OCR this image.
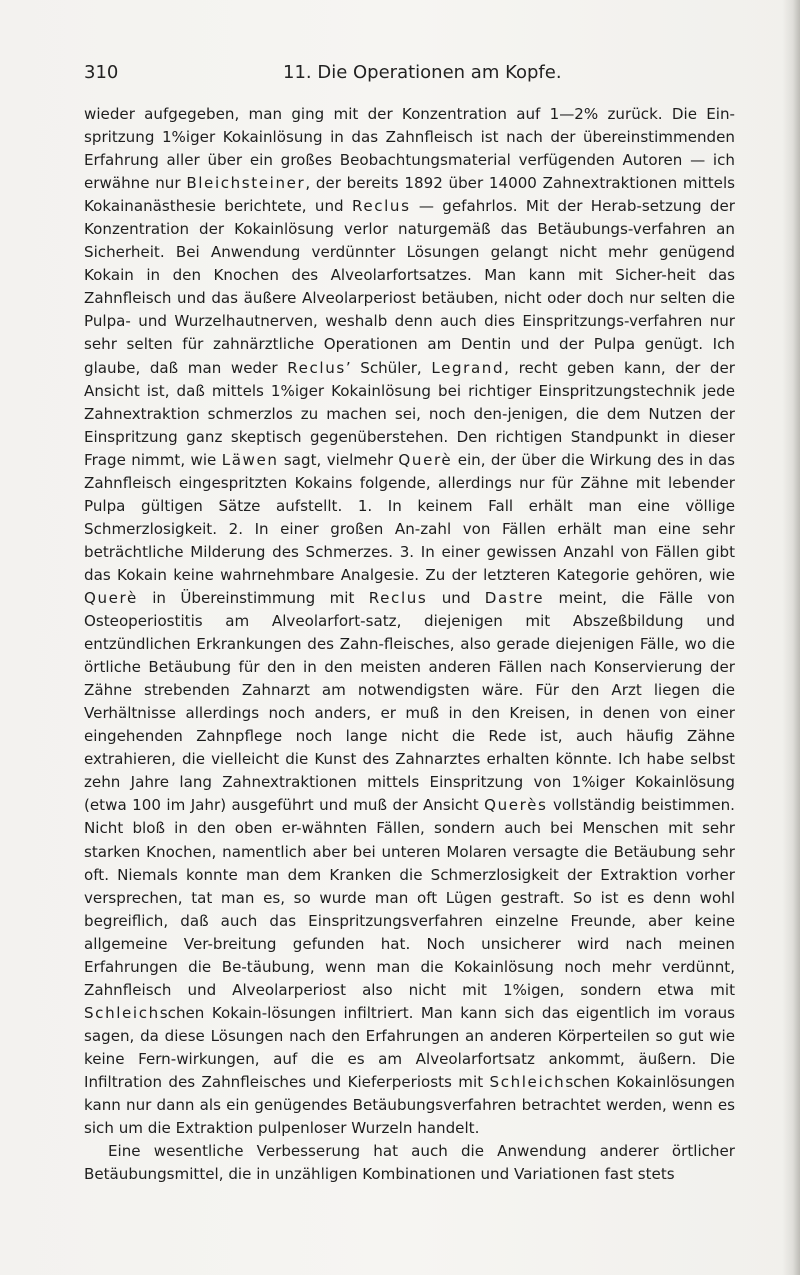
310	11. Die Operationen am Kopfe.

wieder aufgegeben, man ging mit der Konzentration auf 1—2% zurück. Die Ein-spritzung 1%iger Kokainlösung in das Zahnfleisch ist nach der übereinstimmenden Erfahrung aller über ein großes Beobachtungsmaterial verfügenden Autoren — ich erwähne nur Bleichsteiner, der bereits 1892 über 14000 Zahnextraktionen mittels Kokainanästhesie berichtete, und Reclus — gefahrlos. Mit der Herab-setzung der Konzentration der Kokainlösung verlor naturgemäß das Betäubungs-verfahren an Sicherheit. Bei Anwendung verdünnter Lösungen gelangt nicht mehr genügend Kokain in den Knochen des Alveolarfortsatzes. Man kann mit Sicher-heit das Zahnfleisch und das äußere Alveolarperiost betäuben, nicht oder doch nur selten die Pulpa- und Wurzelhautnerven, weshalb denn auch dies Einspritzungs-verfahren nur sehr selten für zahnärztliche Operationen am Dentin und der Pulpa genügt. Ich glaube, daß man weder Reclus’ Schüler, Legrand, recht geben kann, der der Ansicht ist, daß mittels 1%iger Kokainlösung bei richtiger Einspritzungstechnik jede Zahnextraktion schmerzlos zu machen sei, noch den-jenigen, die dem Nutzen der Einspritzung ganz skeptisch gegenüberstehen. Den richtigen Standpunkt in dieser Frage nimmt, wie Läwen sagt, vielmehr Querè ein, der über die Wirkung des in das Zahnfleisch eingespritzten Kokains folgende, allerdings nur für Zähne mit lebender Pulpa gültigen Sätze aufstellt. 1. In keinem Fall erhält man eine völlige Schmerzlosigkeit. 2. In einer großen An-zahl von Fällen erhält man eine sehr beträchtliche Milderung des Schmerzes. 3. In einer gewissen Anzahl von Fällen gibt das Kokain keine wahrnehmbare Analgesie. Zu der letzteren Kategorie gehören, wie Querè in Übereinstimmung mit Reclus und Dastre meint, die Fälle von Osteoperiostitis am Alveolarfort-satz, diejenigen mit Abszeßbildung und entzündlichen Erkrankungen des Zahn-fleisches, also gerade diejenigen Fälle, wo die örtliche Betäubung für den in den meisten anderen Fällen nach Konservierung der Zähne strebenden Zahnarzt am notwendigsten wäre. Für den Arzt liegen die Verhältnisse allerdings noch anders, er muß in den Kreisen, in denen von einer eingehenden Zahnpflege noch lange nicht die Rede ist, auch häufig Zähne extrahieren, die vielleicht die Kunst des Zahnarztes erhalten könnte. Ich habe selbst zehn Jahre lang Zahnextraktionen mittels Einspritzung von 1%iger Kokainlösung (etwa 100 im Jahr) ausgeführt und muß der Ansicht Querès vollständig beistimmen. Nicht bloß in den oben er-wähnten Fällen, sondern auch bei Menschen mit sehr starken Knochen, namentlich aber bei unteren Molaren versagte die Betäubung sehr oft. Niemals konnte man dem Kranken die Schmerzlosigkeit der Extraktion vorher versprechen, tat man es, so wurde man oft Lügen gestraft. So ist es denn wohl begreiflich, daß auch das Einspritzungsverfahren einzelne Freunde, aber keine allgemeine Ver-breitung gefunden hat. Noch unsicherer wird nach meinen Erfahrungen die Be-täubung, wenn man die Kokainlösung noch mehr verdünnt, Zahnfleisch und Alveolarperiost also nicht mit 1%igen, sondern etwa mit Schleichschen Kokain-lösungen infiltriert. Man kann sich das eigentlich im voraus sagen, da diese Lösungen nach den Erfahrungen an anderen Körperteilen so gut wie keine Fern-wirkungen, auf die es am Alveolarfortsatz ankommt, äußern. Die Infiltration des Zahnfleisches und Kieferperiosts mit Schleichschen Kokainlösungen kann nur dann als ein genügendes Betäubungsverfahren betrachtet werden, wenn es sich um die Extraktion pulpenloser Wurzeln handelt.

Eine wesentliche Verbesserung hat auch die Anwendung anderer örtlicher Betäubungsmittel, die in unzähligen Kombinationen und Variationen fast stets
